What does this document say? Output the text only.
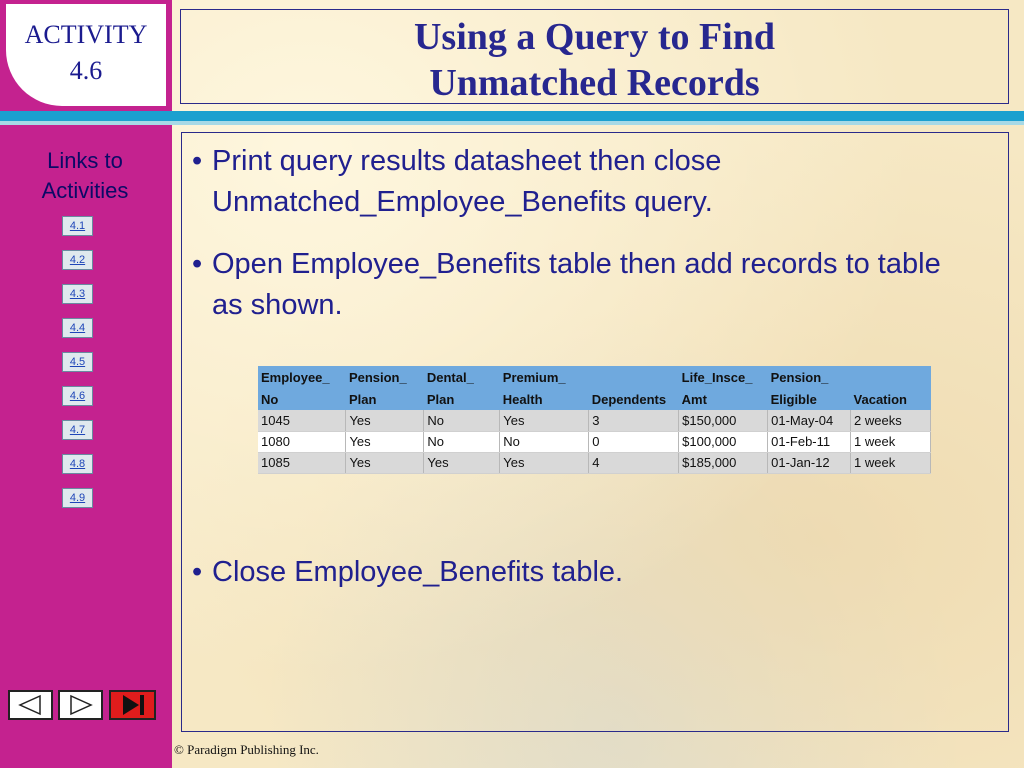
ACTIVITY
4.6
Links to Activities
4.1
4.2
4.3
4.4
4.5
4.6
4.7
4.8
4.9
Using a Query to Find
Unmatched Records
• Print query results datasheet then close Unmatched_Employee_Benefits query.
• Open Employee_Benefits table then add records to table as shown.
Employee_	Pension_	Dental_	Premium_		Life_Insce_	Pension_	
No	Plan	Plan	Health	Dependents	Amt	Eligible	Vacation
1045	Yes	No	Yes	3	$150,000	01-May-04	2 weeks
1080	Yes	No	No	0	$100,000	01-Feb-11	1 week
1085	Yes	Yes	Yes	4	$185,000	01-Jan-12	1 week
• Close Employee_Benefits table.
© Paradigm Publishing Inc.
